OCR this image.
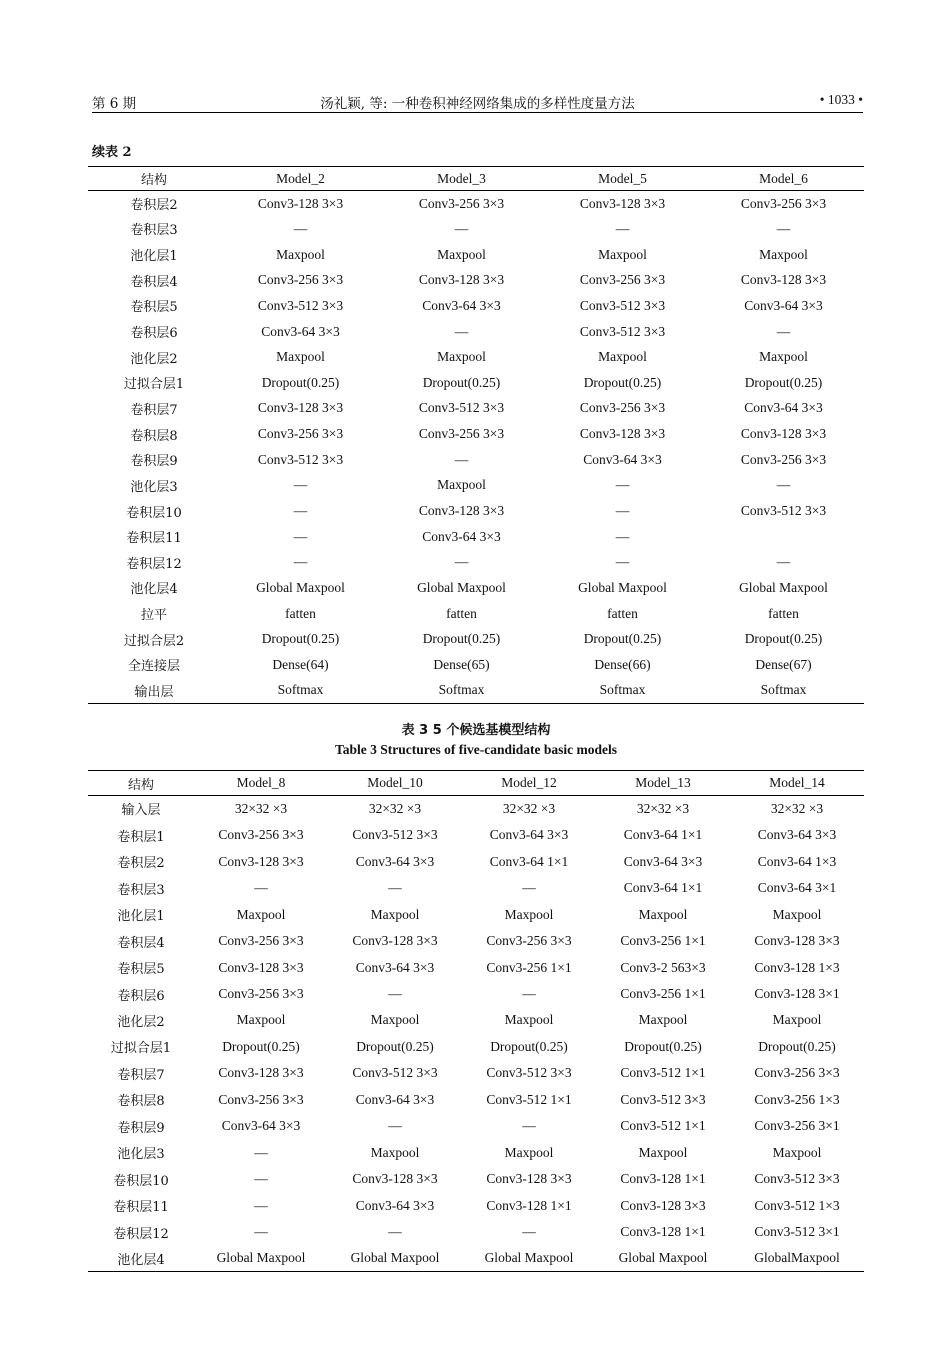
第 6 期	汤礼颖, 等: 一种卷积神经网络集成的多样性度量方法	• 1033 •
续表 2
结构	Model_2	Model_3	Model_5	Model_6
卷积层2	Conv3-128 3×3	Conv3-256 3×3	Conv3-128 3×3	Conv3-256 3×3
卷积层3	—	—	—	—
池化层1	Maxpool	Maxpool	Maxpool	Maxpool
卷积层4	Conv3-256 3×3	Conv3-128 3×3	Conv3-256 3×3	Conv3-128 3×3
卷积层5	Conv3-512 3×3	Conv3-64 3×3	Conv3-512 3×3	Conv3-64 3×3
卷积层6	Conv3-64 3×3	—	Conv3-512 3×3	—
池化层2	Maxpool	Maxpool	Maxpool	Maxpool
过拟合层1	Dropout(0.25)	Dropout(0.25)	Dropout(0.25)	Dropout(0.25)
卷积层7	Conv3-128 3×3	Conv3-512 3×3	Conv3-256 3×3	Conv3-64 3×3
卷积层8	Conv3-256 3×3	Conv3-256 3×3	Conv3-128 3×3	Conv3-128 3×3
卷积层9	Conv3-512 3×3	—	Conv3-64 3×3	Conv3-256 3×3
池化层3	—	Maxpool	—	—
卷积层10	—	Conv3-128 3×3	—	Conv3-512 3×3
卷积层11	—	Conv3-64 3×3	—	
卷积层12	—	—	—	—
池化层4	Global Maxpool	Global Maxpool	Global Maxpool	Global Maxpool
拉平	fatten	fatten	fatten	fatten
过拟合层2	Dropout(0.25)	Dropout(0.25)	Dropout(0.25)	Dropout(0.25)
全连接层	Dense(64)	Dense(65)	Dense(66)	Dense(67)
输出层	Softmax	Softmax	Softmax	Softmax
表 3 5 个候选基模型结构
Table 3 Structures of five-candidate basic models
结构	Model_8	Model_10	Model_12	Model_13	Model_14
输入层	32×32 ×3	32×32 ×3	32×32 ×3	32×32 ×3	32×32 ×3
卷积层1	Conv3-256 3×3	Conv3-512 3×3	Conv3-64 3×3	Conv3-64 1×1	Conv3-64 3×3
卷积层2	Conv3-128 3×3	Conv3-64 3×3	Conv3-64 1×1	Conv3-64 3×3	Conv3-64 1×3
卷积层3	—	—	—	Conv3-64 1×1	Conv3-64 3×1
池化层1	Maxpool	Maxpool	Maxpool	Maxpool	Maxpool
卷积层4	Conv3-256 3×3	Conv3-128 3×3	Conv3-256 3×3	Conv3-256 1×1	Conv3-128 3×3
卷积层5	Conv3-128 3×3	Conv3-64 3×3	Conv3-256 1×1	Conv3-2 563×3	Conv3-128 1×3
卷积层6	Conv3-256 3×3	—	—	Conv3-256 1×1	Conv3-128 3×1
池化层2	Maxpool	Maxpool	Maxpool	Maxpool	Maxpool
过拟合层1	Dropout(0.25)	Dropout(0.25)	Dropout(0.25)	Dropout(0.25)	Dropout(0.25)
卷积层7	Conv3-128 3×3	Conv3-512 3×3	Conv3-512 3×3	Conv3-512 1×1	Conv3-256 3×3
卷积层8	Conv3-256 3×3	Conv3-64 3×3	Conv3-512 1×1	Conv3-512 3×3	Conv3-256 1×3
卷积层9	Conv3-64 3×3	—	—	Conv3-512 1×1	Conv3-256 3×1
池化层3	—	Maxpool	Maxpool	Maxpool	Maxpool
卷积层10	—	Conv3-128 3×3	Conv3-128 3×3	Conv3-128 1×1	Conv3-512 3×3
卷积层11	—	Conv3-64 3×3	Conv3-128 1×1	Conv3-128 3×3	Conv3-512 1×3
卷积层12	—	—	—	Conv3-128 1×1	Conv3-512 3×1
池化层4	Global Maxpool	Global Maxpool	Global Maxpool	Global Maxpool	GlobalMaxpool
